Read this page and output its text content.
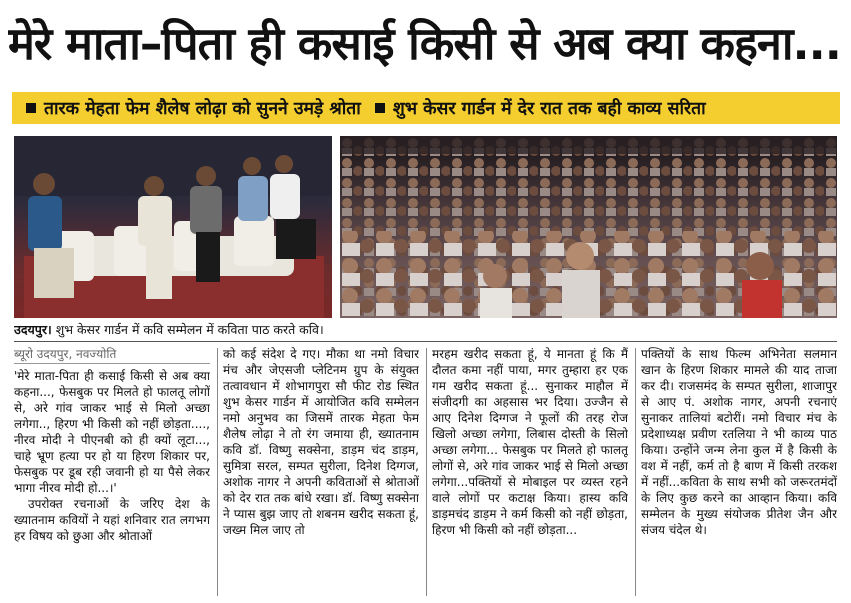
मेरे माता–पिता ही कसाई किसी से अब क्या कहना...
तारक मेहता फेम शैलेष लोढ़ा को सुनने उमड़े श्रोता शुभ केसर गार्डन में देर रात तक बही काव्य सरिता
उदयपुर। शुभ केसर गार्डन में कवि सम्मेलन में कविता पाठ करते कवि।
ब्यूरो उदयपुर, नवज्योति

'मेरे माता-पिता ही कसाई किसी से अब क्या कहना..., फेसबुक पर मिलते हो फालतू लोगों से, अरे गांव जाकर भाई से मिलो अच्छा लगेगा.., हिरण भी किसी को नहीं छोड़ता...., नीरव मोदी ने पीएनबी को ही क्यों लूटा..., चाहे भ्रूण हत्या पर हो या हिरण शिकार पर, फेसबुक पर डूब रही जवानी हो या पैसे लेकर भागा नीरव मोदी हो...।'

उपरोक्त रचनाओं के जरिए देश के ख्यातनाम कवियों ने यहां शनिवार रात लगभग हर विषय को छुआ और श्रोताओं

को कई संदेश दे गए। मौका था नमो विचार मंच और जेएसजी प्लेटिनम ग्रुप के संयुक्त तत्वावधान में शोभागपुरा सौ फीट रोड स्थित शुभ केसर गार्डन में आयोजित कवि सम्मेलन नमो अनुभव का जिसमें तारक मेहता फेम शैलेष लोढ़ा ने तो रंग जमाया ही, ख्यातनाम कवि डॉ. विष्णु सक्सेना, डाड़म चंद डाड़म, सुमित्रा सरल, सम्पत सुरीला, दिनेश दिग्गज, अशोक नागर ने अपनी कविताओं से श्रोताओं को देर रात तक बांधे रखा। डॉ. विष्णु सक्सेना ने प्यास बुझ जाए तो शबनम खरीद सकता हूं, जख्म मिल जाए तो

मरहम खरीद सकता हूं, ये मानता हूं कि मैं दौलत कमा नहीं पाया, मगर तुम्हारा हर एक गम खरीद सकता हूं... सुनाकर माहौल में संजीदगी का अहसास भर दिया। उज्जैन से आए दिनेश दिग्गज ने फूलों की तरह रोज खिलो अच्छा लगेगा, लिबास दोस्ती के सिलो अच्छा लगेगा... फेसबुक पर मिलते हो फालतू लोगों से, अरे गांव जाकर भाई से मिलो अच्छा लगेगा...पक्तियों से मोबाइल पर व्यस्त रहने वाले लोगों पर कटाक्ष किया। हास्य कवि डाड़मचंद डाड़म ने कर्म किसी को नहीं छोड़ता, हिरण भी किसी को नहीं छोड़ता...

पक्तियों के साथ फिल्म अभिनेता सलमान खान के हिरण शिकार मामले की याद ताजा कर दी। राजसमंद के सम्पत सुरीला, शाजापुर से आए पं. अशोक नागर, अपनी रचनाएं सुनाकर तालियां बटोरीं। नमो विचार मंच के प्रदेशाध्यक्ष प्रवीण रतलिया ने भी काव्य पाठ किया। उन्होंने जन्म लेना कुल में है किसी के वश में नहीं, कर्म तो है बाण में किसी तरकश में नहीं...कविता के साथ सभी को जरूरतमंदों के लिए कुछ करने का आव्हान किया। कवि सम्मेलन के मुख्य संयोजक प्रीतेश जैन और संजय चंदेल थे।
